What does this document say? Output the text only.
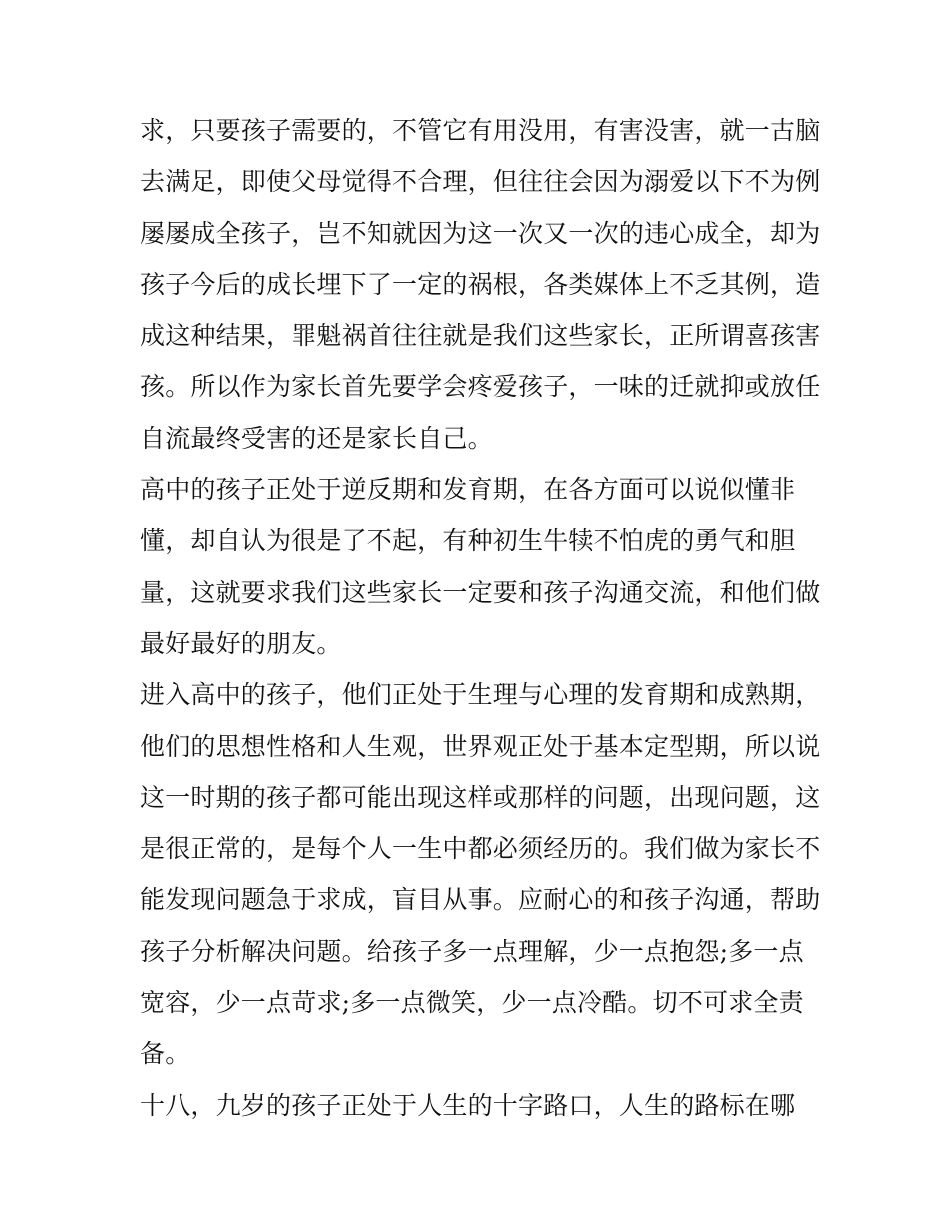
求，只要孩子需要的，不管它有用没用，有害没害，就一古脑
去满足，即使父母觉得不合理，但往往会因为溺爱以下不为例
屡屡成全孩子，岂不知就因为这一次又一次的违心成全，却为
孩子今后的成长埋下了一定的祸根，各类媒体上不乏其例，造
成这种结果，罪魁祸首往往就是我们这些家长，正所谓喜孩害
孩。所以作为家长首先要学会疼爱孩子，一味的迁就抑或放任
自流最终受害的还是家长自己。
高中的孩子正处于逆反期和发育期，在各方面可以说似懂非
懂，却自认为很是了不起，有种初生牛犊不怕虎的勇气和胆
量，这就要求我们这些家长一定要和孩子沟通交流，和他们做
最好最好的朋友。
进入高中的孩子，他们正处于生理与心理的发育期和成熟期，
他们的思想性格和人生观，世界观正处于基本定型期，所以说
这一时期的孩子都可能出现这样或那样的问题，出现问题，这
是很正常的，是每个人一生中都必须经历的。我们做为家长不
能发现问题急于求成，盲目从事。应耐心的和孩子沟通，帮助
孩子分析解决问题。给孩子多一点理解，少一点抱怨;多一点
宽容，少一点苛求;多一点微笑，少一点冷酷。切不可求全责
备。
十八，九岁的孩子正处于人生的十字路口，人生的路标在哪
